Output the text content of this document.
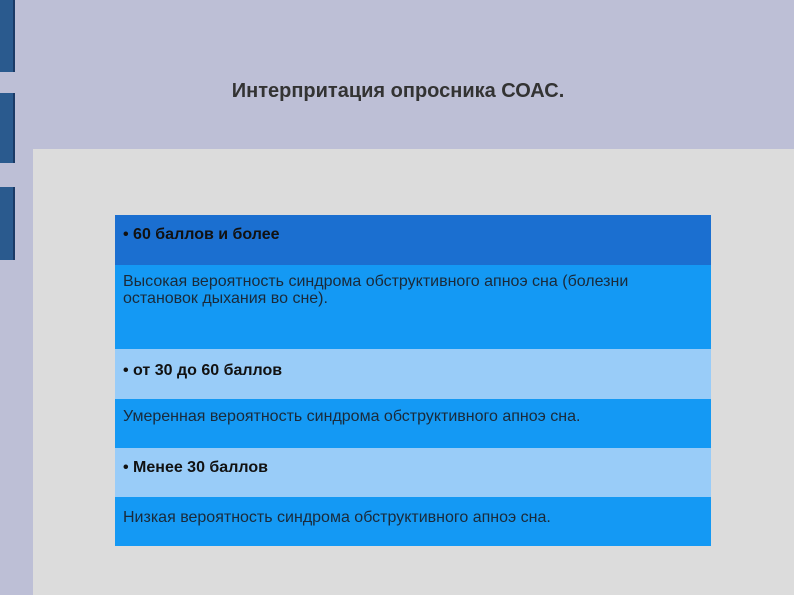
Интерпритация опросника СОАС.
• 60 баллов и более
Высокая вероятность синдрома обструктивного апноэ сна (болезни остановок дыхания во сне).
• от 30 до 60 баллов
Умеренная вероятность синдрома обструктивного апноэ сна.
• Менее 30 баллов
Низкая вероятность синдрома обструктивного апноэ сна.
